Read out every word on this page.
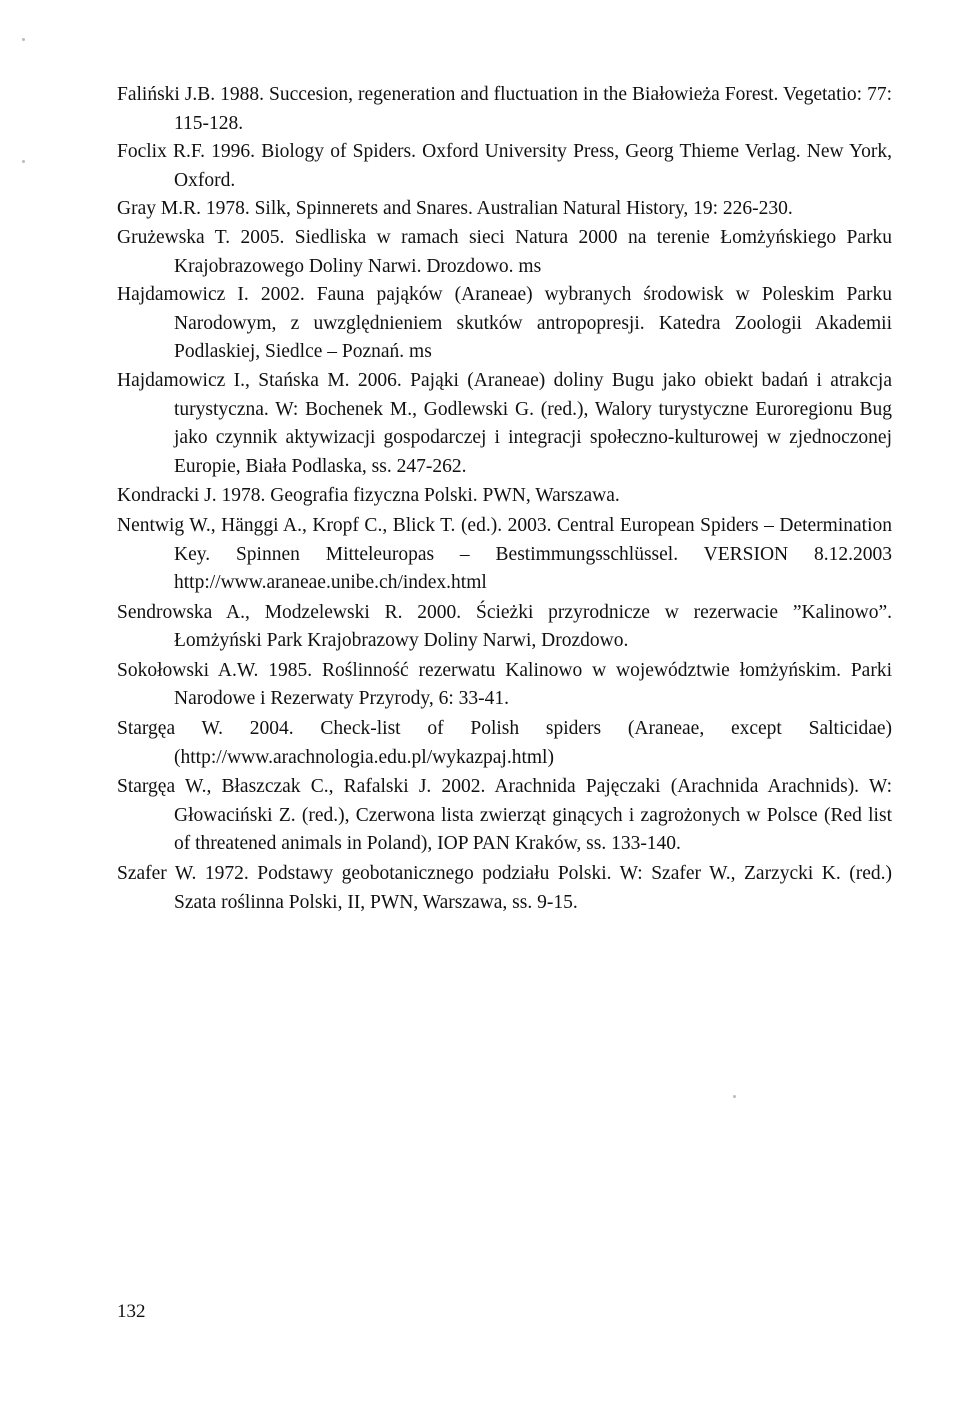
Faliński J.B. 1988. Succesion, regeneration and fluctuation in the Białowieża Forest. Vegetatio: 77: 115-128.

Foclix R.F. 1996. Biology of Spiders. Oxford University Press, Georg Thieme Verlag. New York, Oxford.

Gray M.R. 1978. Silk, Spinnerets and Snares. Australian Natural History, 19: 226-230.

Grużewska T. 2005. Siedliska w ramach sieci Natura 2000 na terenie Łomżyńskiego Parku Krajobrazowego Doliny Narwi. Drozdowo. ms

Hajdamowicz I. 2002. Fauna pająków (Araneae) wybranych środowisk w Poleskim Parku Narodowym, z uwzględnieniem skutków antropopresji. Katedra Zoologii Akademii Podlaskiej, Siedlce – Poznań. ms

Hajdamowicz I., Stańska M. 2006. Pająki (Araneae) doliny Bugu jako obiekt badań i atrakcja turystyczna. W: Bochenek M., Godlewski G. (red.), Walory turystyczne Euroregionu Bug jako czynnik aktywizacji gospodarczej i integracji społeczno-kulturowej w zjednoczonej Europie, Biała Podlaska, ss. 247-262.

Kondracki J. 1978. Geografia fizyczna Polski. PWN, Warszawa.

Nentwig W., Hänggi A., Kropf C., Blick T. (ed.). 2003. Central European Spiders – Determination Key. Spinnen Mitteleuropas – Bestimmungsschlüssel. VERSION 8.12.2003 http://www.araneae.unibe.ch/index.html

Sendrowska A., Modzelewski R. 2000. Ścieżki przyrodnicze w rezerwacie ”Kalinowo”. Łomżyński Park Krajobrazowy Doliny Narwi, Drozdowo.

Sokołowski A.W. 1985. Roślinność rezerwatu Kalinowo w województwie łomżyńskim. Parki Narodowe i Rezerwaty Przyrody, 6: 33-41.

Stargęa W. 2004. Check-list of Polish spiders (Araneae, except Salticidae) (http://www.arachnologia.edu.pl/wykazpaj.html)

Stargęa W., Błaszczak C., Rafalski J. 2002. Arachnida Pajęczaki (Arachnida Arachnids). W: Głowaciński Z. (red.), Czerwona lista zwierząt ginących i zagrożonych w Polsce (Red list of threatened animals in Poland), IOP PAN Kraków, ss. 133-140.

Szafer W. 1972. Podstawy geobotanicznego podziału Polski. W: Szafer W., Zarzycki K. (red.) Szata roślinna Polski, II, PWN, Warszawa, ss. 9-15.

132
